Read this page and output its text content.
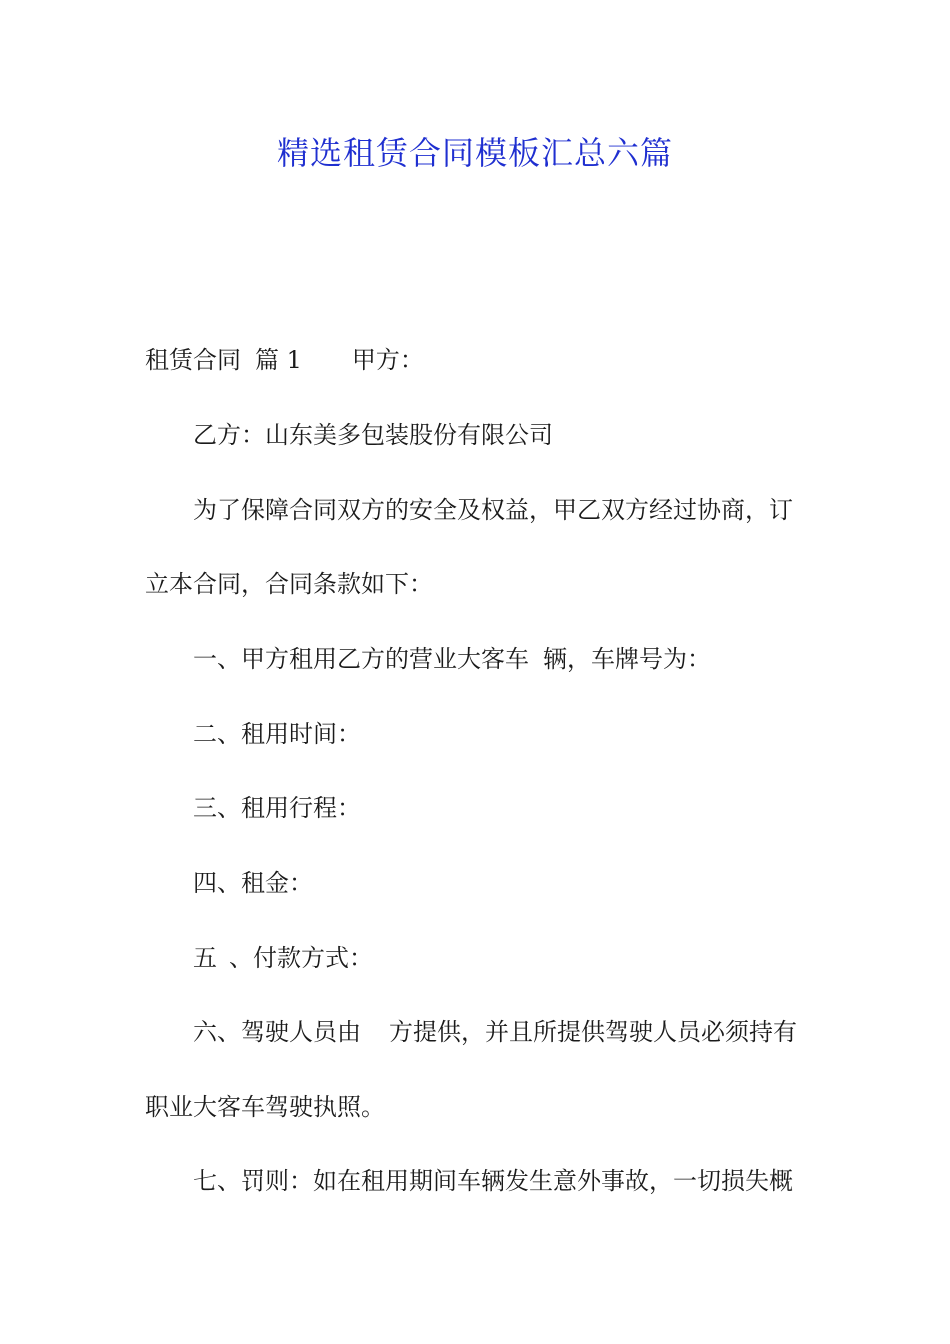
精选租赁合同模板汇总六篇
租赁合同 篇 1 甲方：
乙方：山东美多包装股份有限公司
为了保障合同双方的安全及权益，甲乙双方经过协商，订
立本合同，合同条款如下：
一、甲方租用乙方的营业大客车 辆，车牌号为：
二、租用时间：
三、租用行程：
四、租金：
五 、付款方式：
六、驾驶人员由 方提供，并且所提供驾驶人员必须持有
职业大客车驾驶执照。
七、罚则：如在租用期间车辆发生意外事故，一切损失概
